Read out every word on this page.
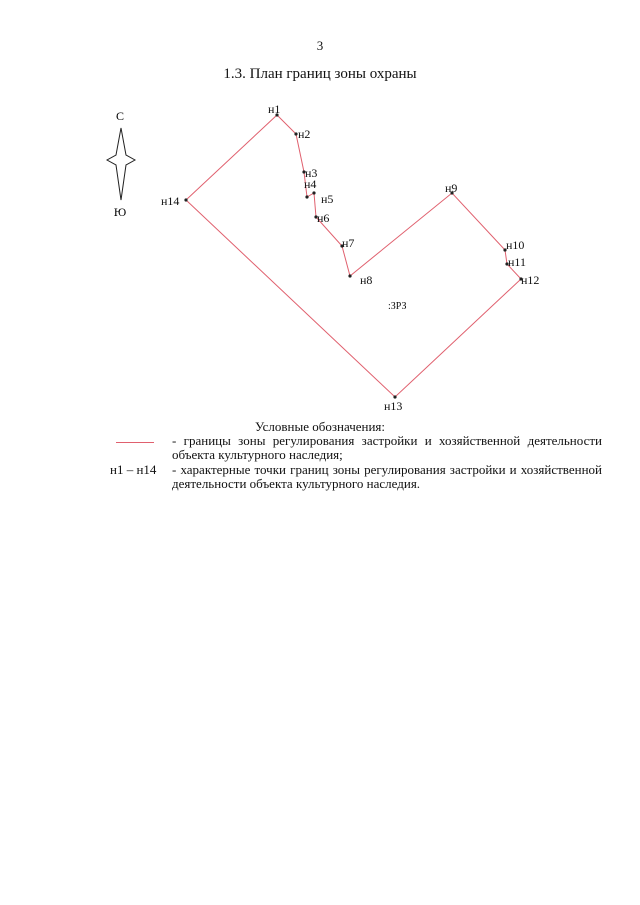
3
1.3. План границ зоны охраны
С
Ю
н1
н2
н3
н4
н5
н6
н7
н8
н9
н10
н11
н12
н13
н14
:ЗРЗ
Условные обозначения:
- границы зоны регулирования застройки и хозяйственной деятельности объекта культурного наследия;
н1 – н14	- характерные точки границ зоны регулирования застройки и хозяйственной деятельности объекта культурного наследия.
